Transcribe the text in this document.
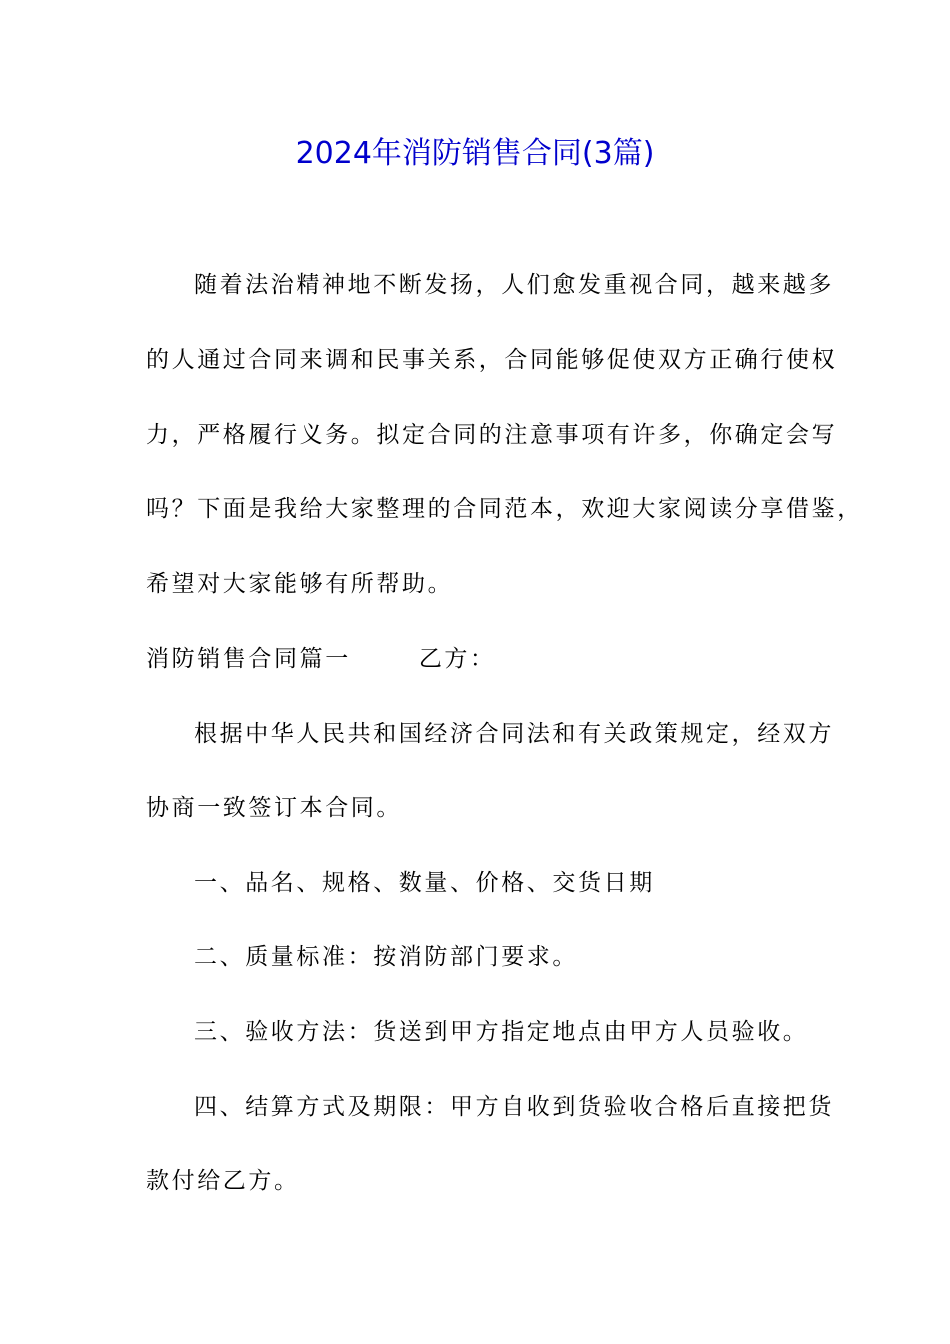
2024年消防销售合同(3篇)
随着法治精神地不断发扬，人们愈发重视合同，越来越多
的人通过合同来调和民事关系，合同能够促使双方正确行使权
力，严格履行义务。拟定合同的注意事项有许多，你确定会写
吗？下面是我给大家整理的合同范本，欢迎大家阅读分享借鉴，
希望对大家能够有所帮助。
消防销售合同篇一	乙方：
根据中华人民共和国经济合同法和有关政策规定，经双方
协商一致签订本合同。
一、品名、规格、数量、价格、交货日期
二、质量标准：按消防部门要求。
三、验收方法：货送到甲方指定地点由甲方人员验收。
四、结算方式及期限：甲方自收到货验收合格后直接把货
款付给乙方。
